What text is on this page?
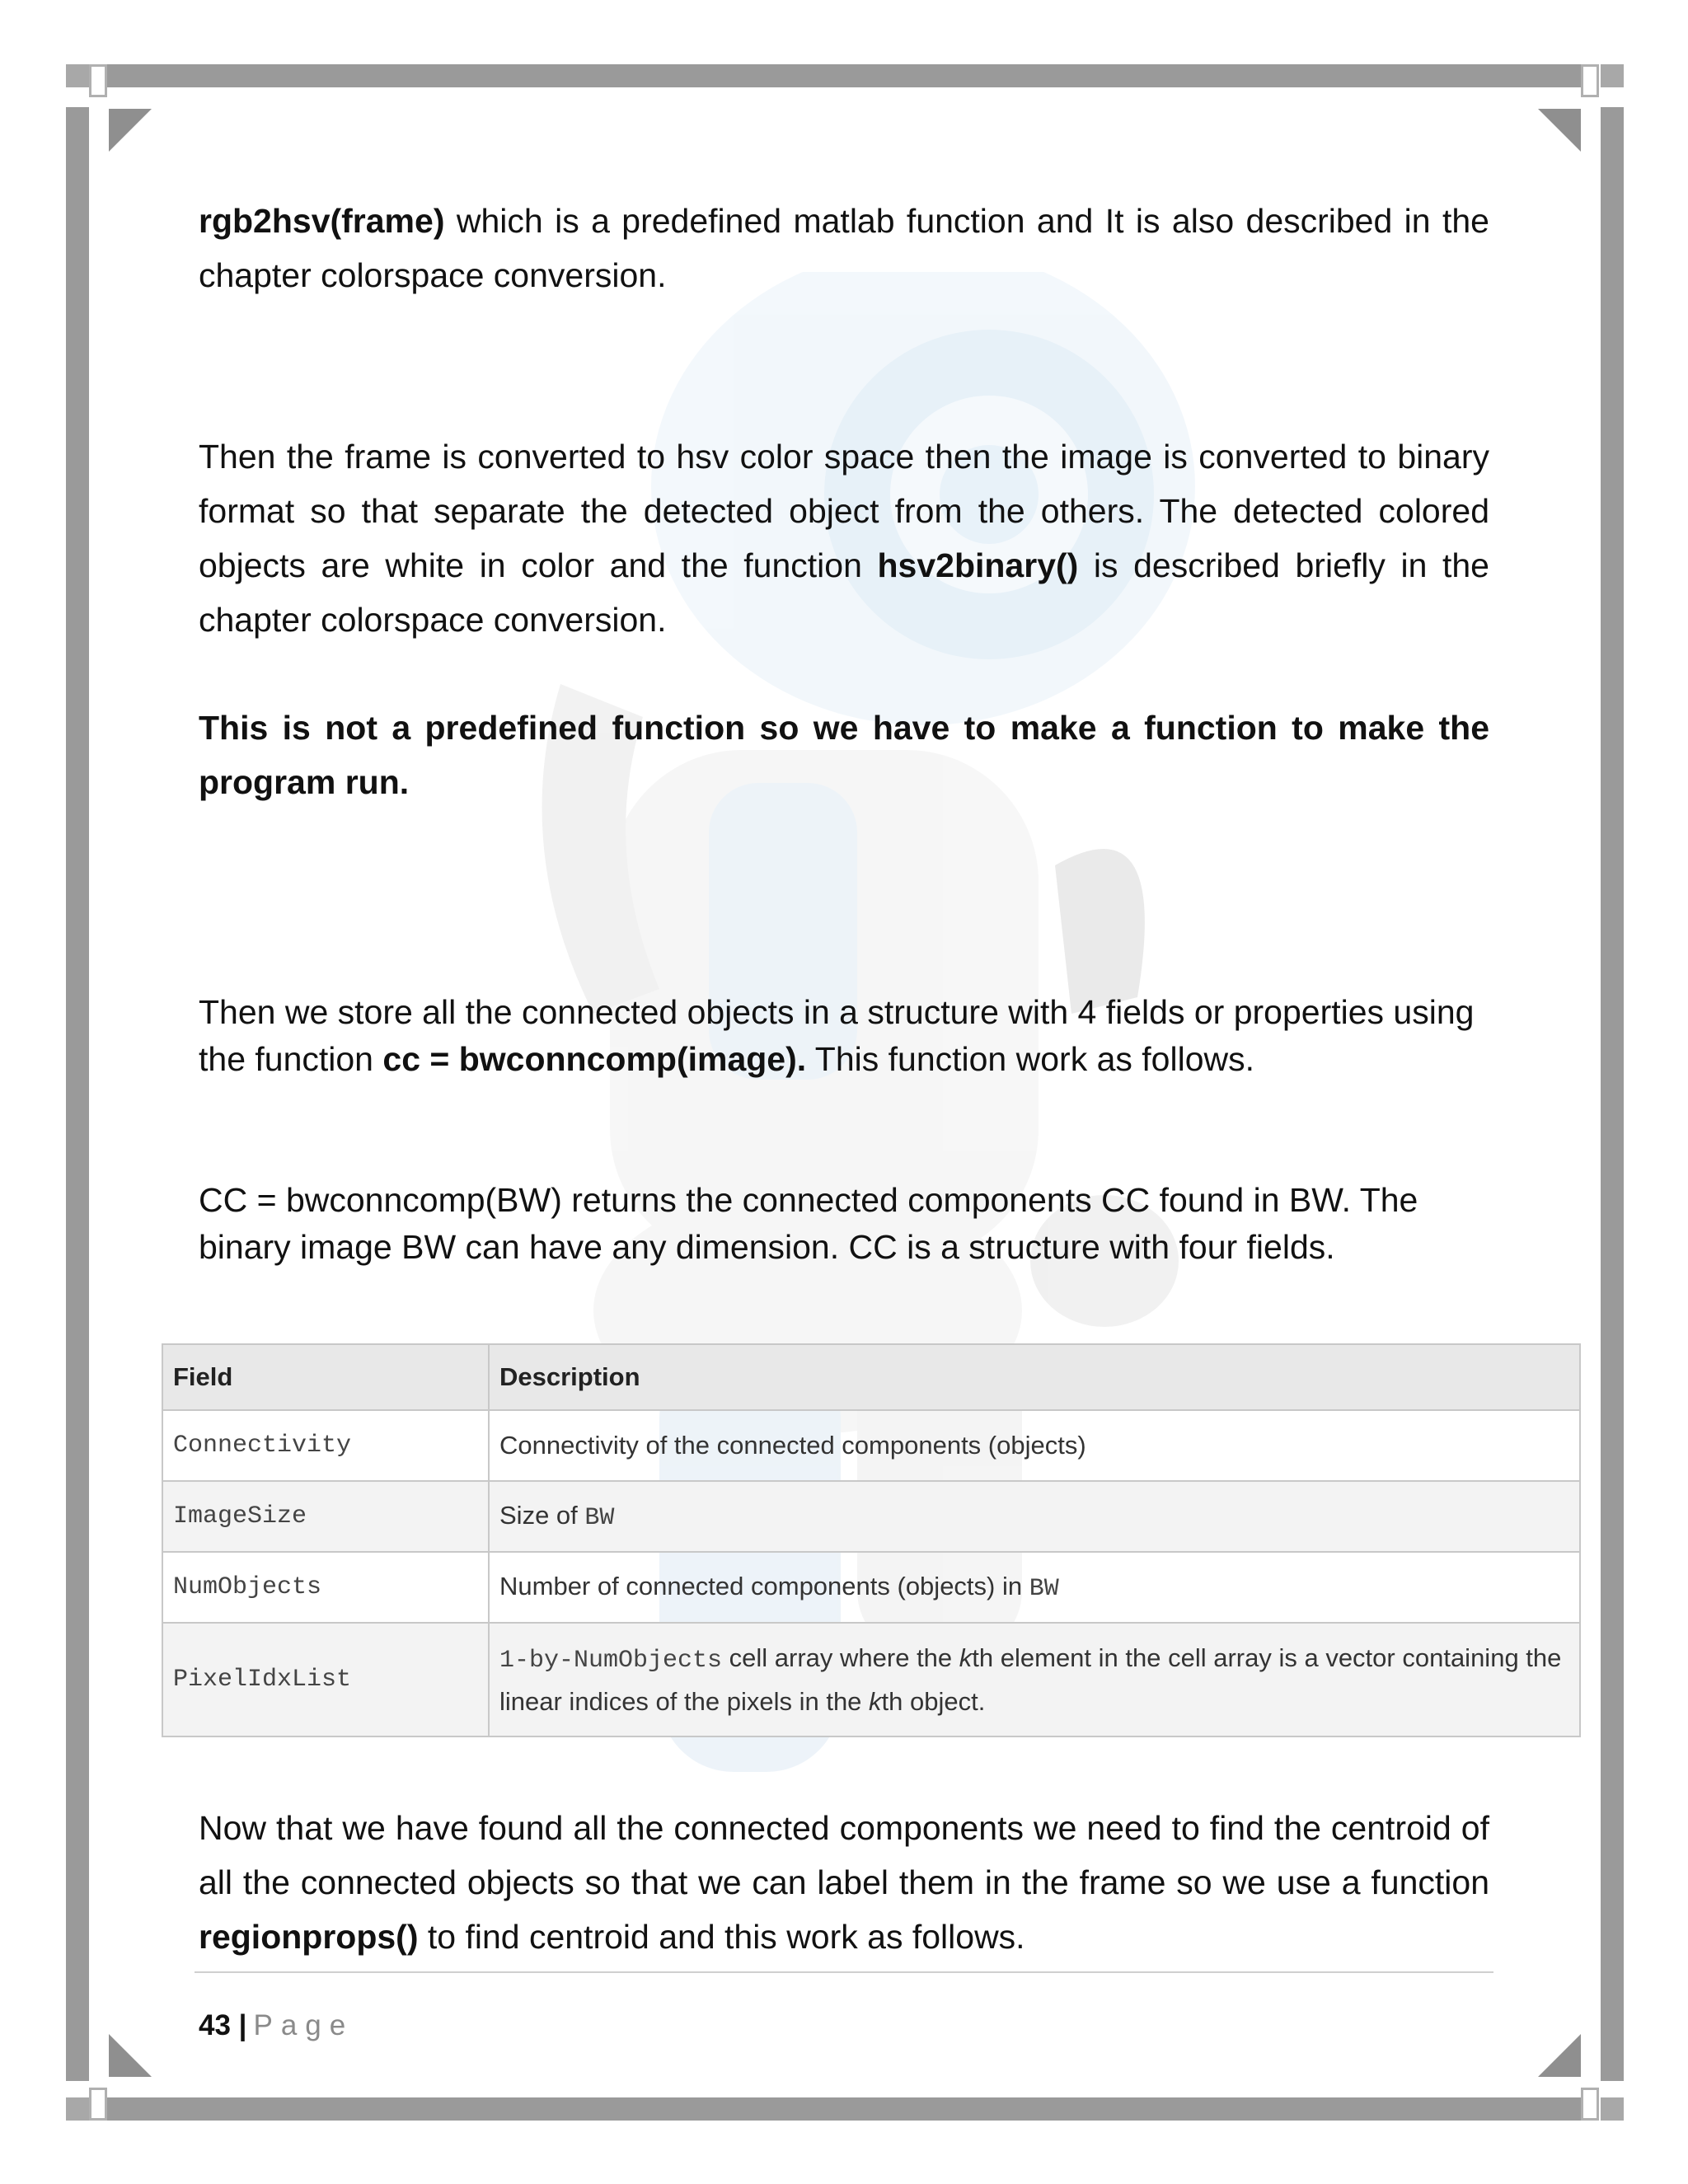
rgb2hsv(frame) which is a predefined matlab function and It is also described in the chapter colorspace conversion.
Then the frame is converted to hsv color space then the image is converted to binary format so that separate the detected object from the others. The detected colored objects are white in color and the function hsv2binary() is described briefly in the chapter colorspace conversion.
This is not a predefined function so we have to make a function to make the program run.
Then we store all the connected objects in a structure with 4 fields or properties using the function cc = bwconncomp(image). This function work as follows.
CC = bwconncomp(BW) returns the connected components CC found in BW. The binary image BW can have any dimension. CC is a structure with four fields.
Field	Description
Connectivity	Connectivity of the connected components (objects)
ImageSize	Size of BW
NumObjects	Number of connected components (objects) in BW
PixelIdxList	1-by-NumObjects cell array where the kth element in the cell array is a vector containing the linear indices of the pixels in the kth object.
Now that we have found all the connected components we need to find the centroid of all the connected objects so that we can label them in the frame so we use a function regionprops() to find centroid and this work as follows.
43 | Page
